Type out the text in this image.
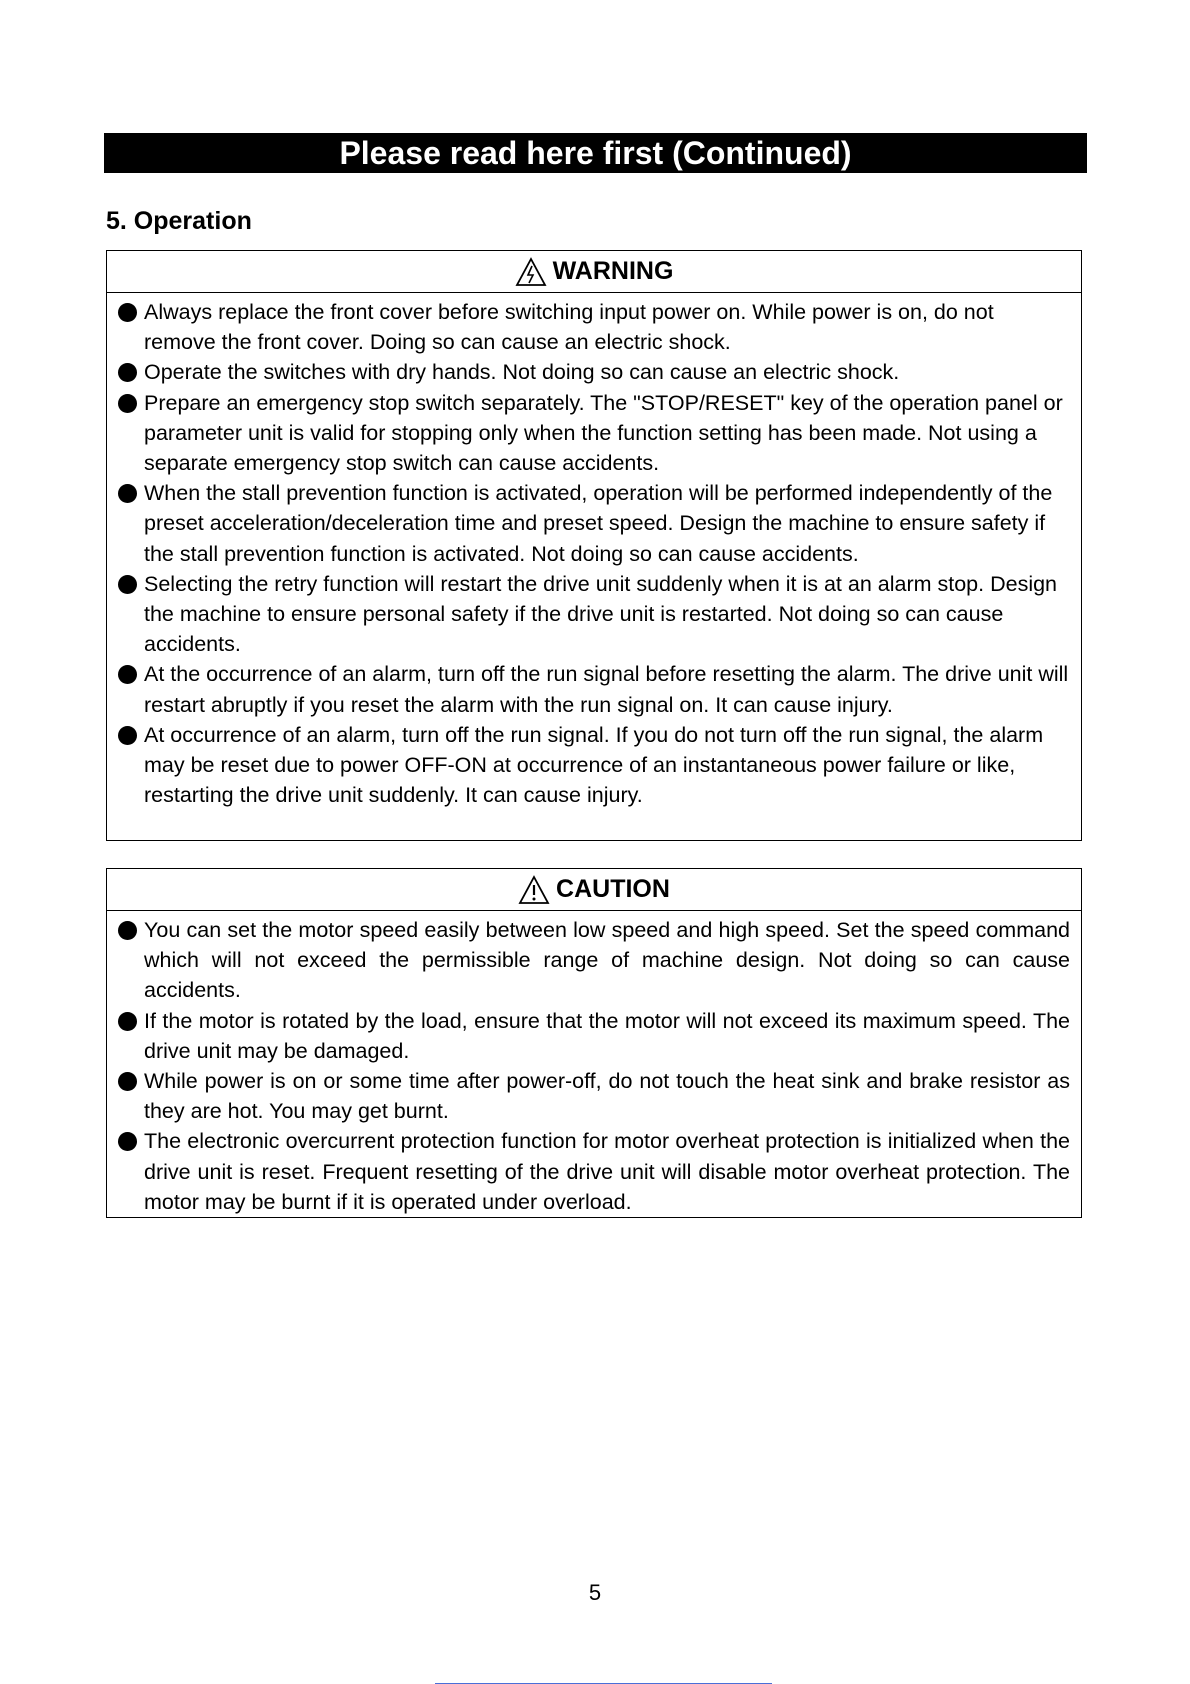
Please read here first (Continued)
5. Operation
WARNING
Always replace the front cover before switching input power on. While power is on, do not remove the front cover. Doing so can cause an electric shock.
Operate the switches with dry hands. Not doing so can cause an electric shock.
Prepare an emergency stop switch separately. The "STOP/RESET" key of the operation panel or parameter unit is valid for stopping only when the function setting has been made. Not using a separate emergency stop switch can cause accidents.
When the stall prevention function is activated, operation will be performed independently of the preset acceleration/deceleration time and preset speed. Design the machine to ensure safety if the stall prevention function is activated. Not doing so can cause accidents.
Selecting the retry function will restart the drive unit suddenly when it is at an alarm stop. Design the machine to ensure personal safety if the drive unit is restarted. Not doing so can cause accidents.
At the occurrence of an alarm, turn off the run signal before resetting the alarm. The drive unit will restart abruptly if you reset the alarm with the run signal on. It can cause injury.
At occurrence of an alarm, turn off the run signal. If you do not turn off the run signal, the alarm may be reset due to power OFF-ON at occurrence of an instantaneous power failure or like, restarting the drive unit suddenly. It can cause injury.
CAUTION
You can set the motor speed easily between low speed and high speed. Set the speed command which will not exceed the permissible range of machine design. Not doing so can cause accidents.
If the motor is rotated by the load, ensure that the motor will not exceed its maximum speed. The drive unit may be damaged.
While power is on or some time after power-off, do not touch the heat sink and brake resistor as they are hot. You may get burnt.
The electronic overcurrent protection function for motor overheat protection is initialized when the drive unit is reset. Frequent resetting of the drive unit will disable motor overheat protection. The motor may be burnt if it is operated under overload.
5
